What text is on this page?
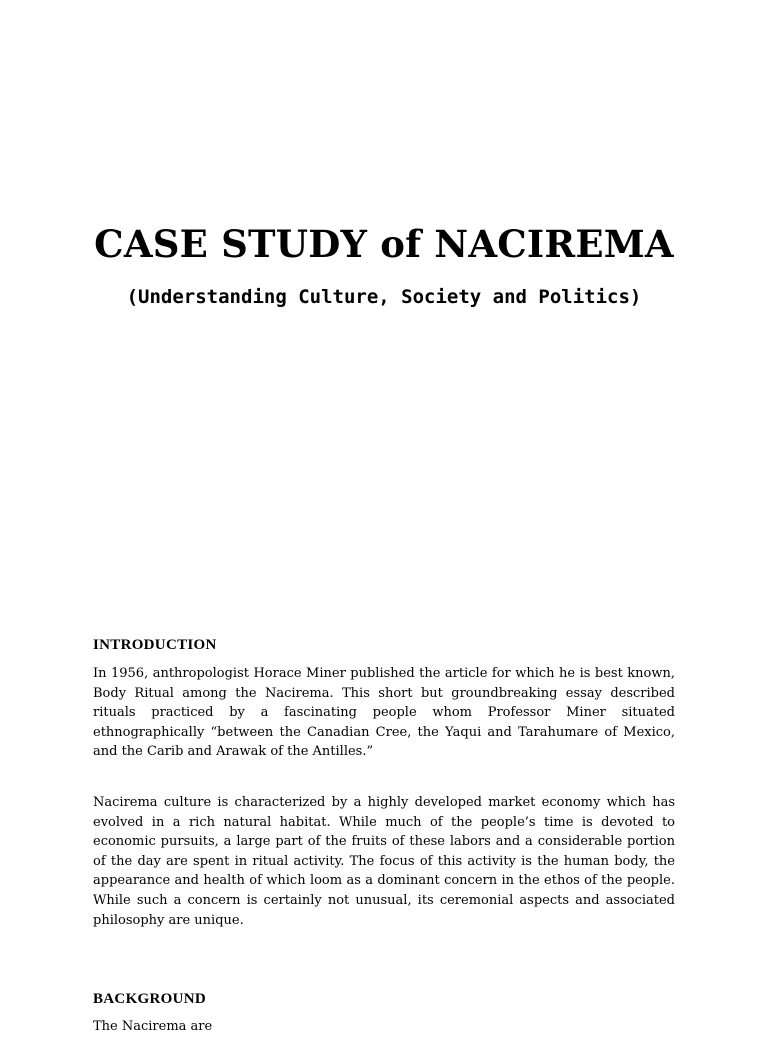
CASE STUDY of NACIREMA
(Understanding Culture, Society and Politics)
INTRODUCTION
In 1956, anthropologist Horace Miner published the article for which he is best known, Body Ritual among the Nacirema. This short but groundbreaking essay described rituals practiced by a fascinating people whom Professor Miner situated ethnographically “between the Canadian Cree, the Yaqui and Tarahumare of Mexico, and the Carib and Arawak of the Antilles.”
Nacirema culture is characterized by a highly developed market economy which has evolved in a rich natural habitat. While much of the people’s time is devoted to economic pursuits, a large part of the fruits of these labors and a considerable portion of the day are spent in ritual activity. The focus of this activity is the human body, the appearance and health of which loom as a dominant concern in the ethos of the people. While such a concern is certainly not unusual, its ceremonial aspects and associated philosophy are unique.
BACKGROUND
The Nacirema are
